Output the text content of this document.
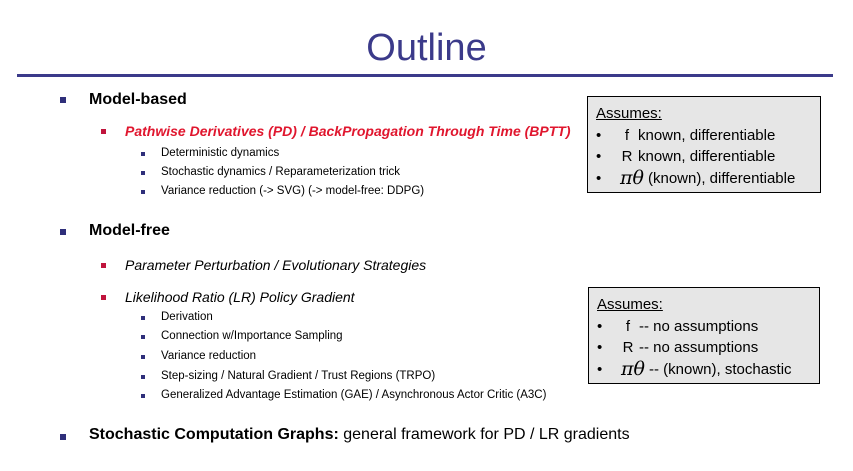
Outline
Model-based
Pathwise Derivatives (PD) / BackPropagation Through Time (BPTT)
Deterministic dynamics
Stochastic dynamics / Reparameterization trick
Variance reduction (-> SVG) (-> model-free: DDPG)
Model-free
Parameter Perturbation / Evolutionary Strategies
Likelihood Ratio (LR) Policy Gradient
Derivation
Connection w/Importance Sampling
Variance reduction
Step-sizing / Natural Gradient / Trust Regions (TRPO)
Generalized Advantage Estimation (GAE) / Asynchronous Actor Critic (A3C)
Stochastic Computation Graphs: general framework for PD / LR gradients
Assumes:
•	f known, differentiable
•	R known, differentiable
• πθ (known), differentiable
Assumes:
•	f -- no assumptions
•	R -- no assumptions
• πθ -- (known), stochastic
